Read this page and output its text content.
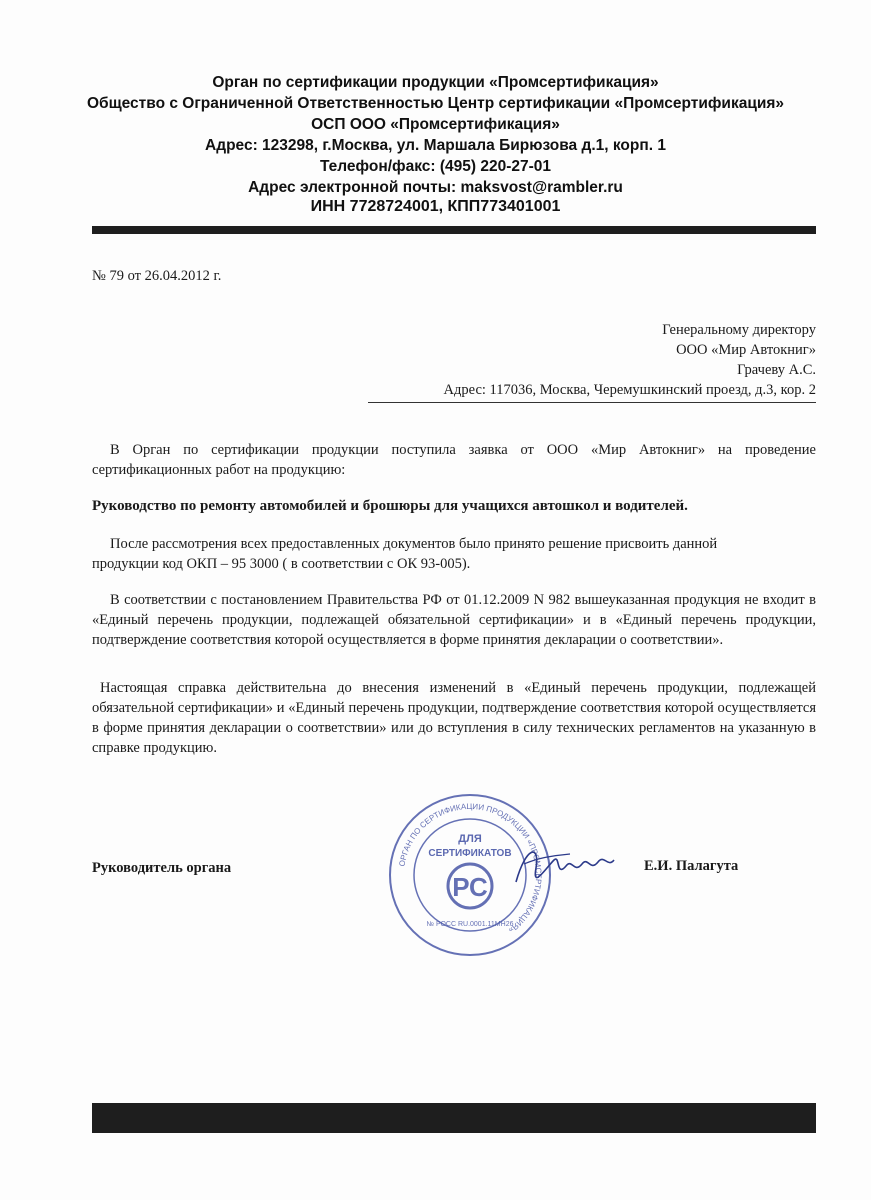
Орган по сертификации продукции «Промсертификация»
Общество с Ограниченной Ответственностью Центр сертификации «Промсертификация»
ОСП ООО «Промсертификация»
Адрес: 123298, г.Москва, ул. Маршала Бирюзова д.1, корп. 1
Телефон/факс: (495) 220-27-01
Адрес электронной почты: maksvost@rambler.ru
ИНН 7728724001, КПП773401001
№ 79 от 26.04.2012 г.
Генеральному директору
ООО «Мир Автокниг»
Грачеву А.С.
Адрес: 117036, Москва, Черемушкинский проезд, д.3, кор. 2
В Орган по сертификации продукции поступила заявка от ООО «Мир Автокниг» на проведение сертификационных работ на продукцию:
Руководство по ремонту автомобилей и брошюры для учащихся автошкол и водителей.
После рассмотрения всех предоставленных документов было принято решение присвоить данной
продукции код ОКП – 95 3000 ( в соответствии с ОК 93-005).
В соответствии с постановлением Правительства РФ от 01.12.2009 N 982 вышеуказанная продукция не входит в «Единый перечень продукции, подлежащей обязательной сертификации» и в «Единый перечень продукции, подтверждение соответствия которой осуществляется в форме принятия декларации о соответствии».
Настоящая справка действительна до внесения изменений в «Единый перечень продукции, подлежащей обязательной сертификации» и «Единый перечень продукции, подтверждение соответствия которой осуществляется в форме принятия декларации о соответствии» или до вступления в силу технических регламентов на указанную в справке продукцию.
Руководитель органа	Е.И. Палагута
ОРГАН ПО СЕРТИФИКАЦИИ ПРОДУКЦИИ «ПРОМСЕРТИФИКАЦИЯ»
ДЛЯ
СЕРТИФИКАТОВ
РС
№ РОСС RU.0001.11МН26
